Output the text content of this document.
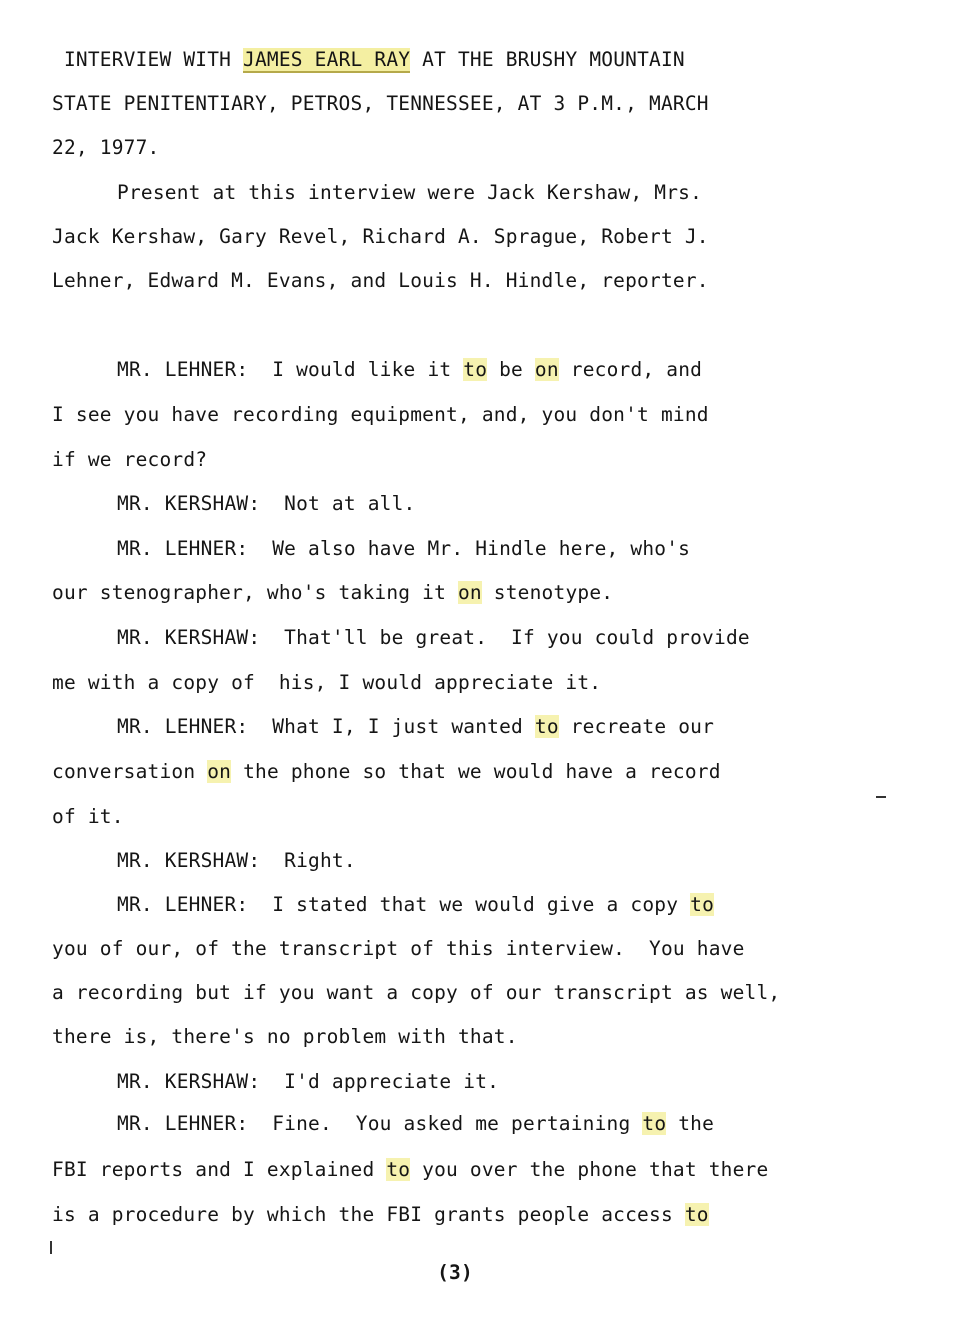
INTERVIEW WITH JAMES EARL RAY AT THE BRUSHY MOUNTAIN
STATE PENITENTIARY, PETROS, TENNESSEE, AT 3 P.M., MARCH
22, 1977.
Present at this interview were Jack Kershaw, Mrs.
Jack Kershaw, Gary Revel, Richard A. Sprague, Robert J.
Lehner, Edward M. Evans, and Louis H. Hindle, reporter.
MR. LEHNER:  I would like it to be on record, and
I see you have recording equipment, and, you don't mind
if we record?
MR. KERSHAW:  Not at all.
MR. LEHNER:  We also have Mr. Hindle here, who's
our stenographer, who's taking it on stenotype.
MR. KERSHAW:  That'll be great.  If you could provide
me with a copy of  his, I would appreciate it.
MR. LEHNER:  What I, I just wanted to recreate our
conversation on the phone so that we would have a record
of it.
MR. KERSHAW:  Right.
MR. LEHNER:  I stated that we would give a copy to
you of our, of the transcript of this interview.  You have
a recording but if you want a copy of our transcript as well,
there is, there's no problem with that.
MR. KERSHAW:  I'd appreciate it.
MR. LEHNER:  Fine.  You asked me pertaining to the
FBI reports and I explained to you over the phone that there
is a procedure by which the FBI grants people access to
(3)
